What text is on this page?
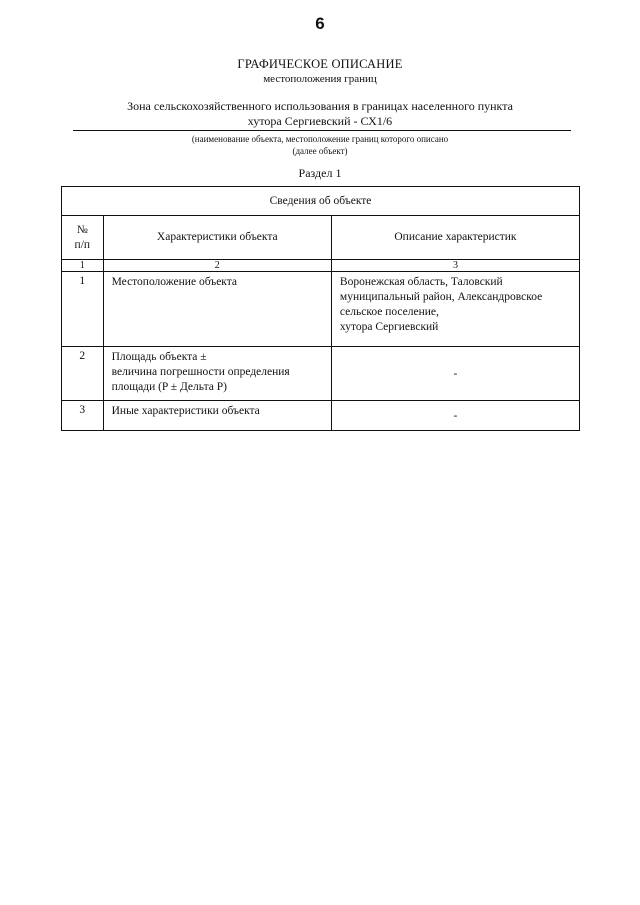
6
ГРАФИЧЕСКОЕ ОПИСАНИЕ
местоположения границ
Зона сельскохозяйственного использования в границах населенного пункта
хутора Сергиевский - СХ1/6
(наименование объекта, местоположение границ которого описано
(далее объект)
Раздел 1
Сведения об объекте		

№
п/п	Характеристики объекта	Описание характеристик
1	2	3
1	Местоположение объекта	Воронежская область, Таловский
муниципальный район, Александровское
сельское поселение,
хутора Сергиевский

2	Площадь объекта ±
величина погрешности определения
площади (P ± Дельта P)	-
3	Иные характеристики объекта	-
